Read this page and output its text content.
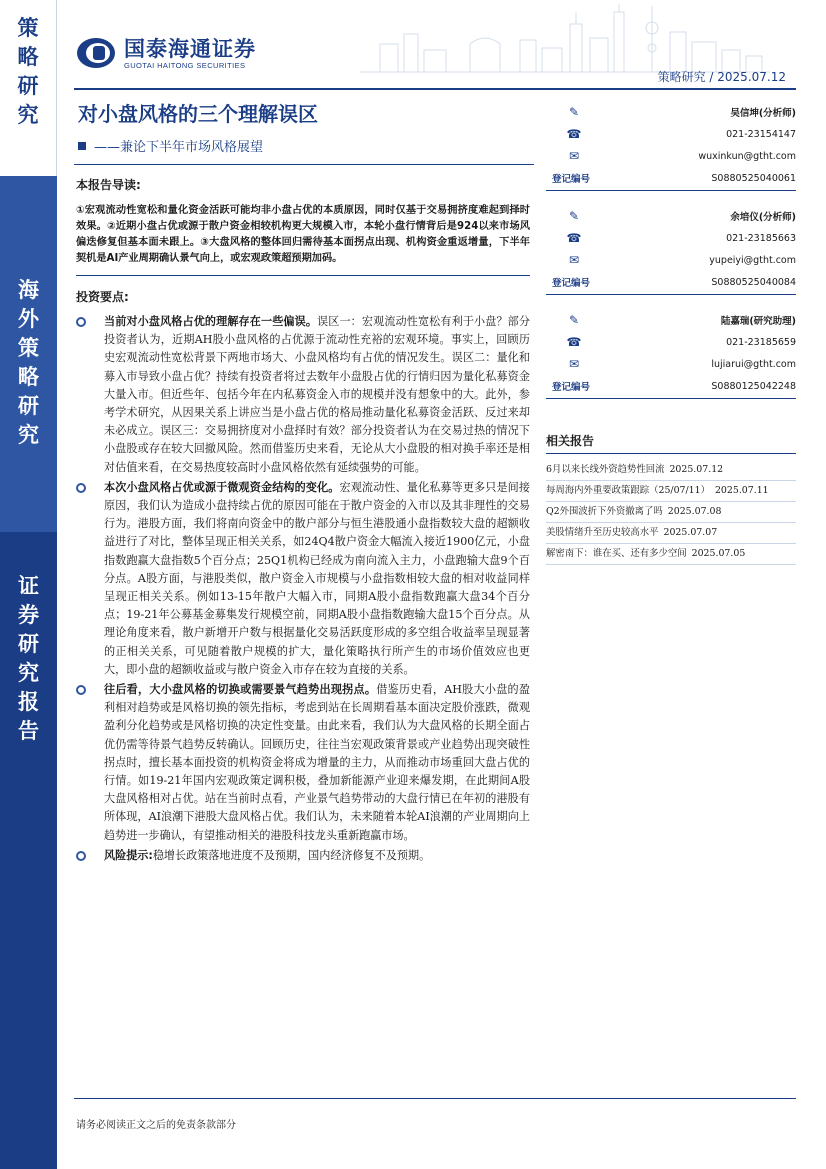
策
略
研
究
海
外
策
略
研
究
证
券
研
究
报
告
国泰海通证券
GUOTAI HAITONG SECURITIES
策略研究 / 2025.07.12
对小盘风格的三个理解误区
——兼论下半年市场风格展望
本报告导读:
①宏观流动性宽松和量化资金活跃可能均非小盘占优的本质原因，同时仅基于交易拥挤度难起到择时效果。②近期小盘占优或源于散户资金相较机构更大规模入市，本轮小盘行情背后是924以来市场风偏迭修复但基本面未跟上。③大盘风格的整体回归需待基本面拐点出现、机构资金重返增量，下半年契机是AI产业周期确认景气向上，或宏观政策超预期加码。
投资要点:
当前对小盘风格占优的理解存在一些偏误。误区一：宏观流动性宽松有利于小盘？部分投资者认为，近期AH股小盘风格的占优源于流动性充裕的宏观环境。事实上，回顾历史宏观流动性宽松背景下两地市场大、小盘风格均有占优的情况发生。误区二：量化和募入市导致小盘占优？持续有投资者将过去数年小盘股占优的行情归因为量化私募资金大量入市。但近些年、包括今年在内私募资金入市的规模并没有想象中的大。此外，参考学术研究，从因果关系上讲应当是小盘占优的格局推动量化私募资金活跃、反过来却未必成立。误区三：交易拥挤度对小盘择时有效？部分投资者认为在交易过热的情况下小盘股或存在较大回撤风险。然而借鉴历史来看，无论从大小盘股的相对换手率还是相对估值来看，在交易热度较高时小盘风格依然有延续强势的可能。
本次小盘风格占优或源于微观资金结构的变化。宏观流动性、量化私募等更多只是间接原因，我们认为造成小盘持续占优的原因可能在于散户资金的入市以及其非理性的交易行为。港股方面，我们将南向资金中的散户部分与恒生港股通小盘指数较大盘的超额收益进行了对比，整体呈现正相关关系，如24Q4散户资金大幅流入接近1900亿元，小盘指数跑赢大盘指数5个百分点；25Q1机构已经成为南向流入主力，小盘跑输大盘9个百分点。A股方面，与港股类似，散户资金入市规模与小盘指数相较大盘的相对收益同样呈现正相关关系。例如13-15年散户大幅入市，同期A股小盘指数跑赢大盘34个百分点；19-21年公募基金募集发行规模空前，同期A股小盘指数跑输大盘15个百分点。从理论角度来看，散户新增开户数与根据量化交易活跃度形成的多空组合收益率呈现显著的正相关关系，可见随着散户规模的扩大，量化策略执行所产生的市场价值效应也更大，即小盘的超额收益或与散户资金入市存在较为直接的关系。
往后看，大小盘风格的切换或需要景气趋势出现拐点。借鉴历史看，AH股大小盘的盈利相对趋势或是风格切换的领先指标，考虑到站在长周期看基本面决定股价涨跌，微观盈利分化趋势或是风格切换的决定性变量。由此来看，我们认为大盘风格的长期全面占优仍需等待景气趋势反转确认。回顾历史，往往当宏观政策背景或产业趋势出现突破性拐点时，擅长基本面投资的机构资金将成为增量的主力，从而推动市场重回大盘占优的行情。如19-21年国内宏观政策定调积极，叠加新能源产业迎来爆发期，在此期间A股大盘风格相对占优。站在当前时点看，产业景气趋势带动的大盘行情已在年初的港股有所体现，AI浪潮下港股大盘风格占优。我们认为，未来随着本轮AI浪潮的产业周期向上趋势进一步确认，有望推动相关的港股科技龙头重新跑赢市场。
风险提示:稳增长政策落地进度不及预期，国内经济修复不及预期。
✎	吴信坤(分析师)
☎	021-23154147
✉	wuxinkun@gtht.com
登记编号	S0880525040061
✎	余培仪(分析师)
☎	021-23185663
✉	yupeiyi@gtht.com
登记编号	S0880525040084
✎	陆嘉瑞(研究助理)
☎	021-23185659
✉	lujiarui@gtht.com
登记编号	S0880125042248
相关报告
6月以来长线外资趋势性回流 2025.07.12
每周海内外重要政策跟踪（25/07/11） 2025.07.11
Q2外围波折下外资撤离了吗 2025.07.08
美股情绪升至历史较高水平 2025.07.07
解密南下：谁在买、还有多少空间 2025.07.05
请务必阅读正文之后的免责条款部分
